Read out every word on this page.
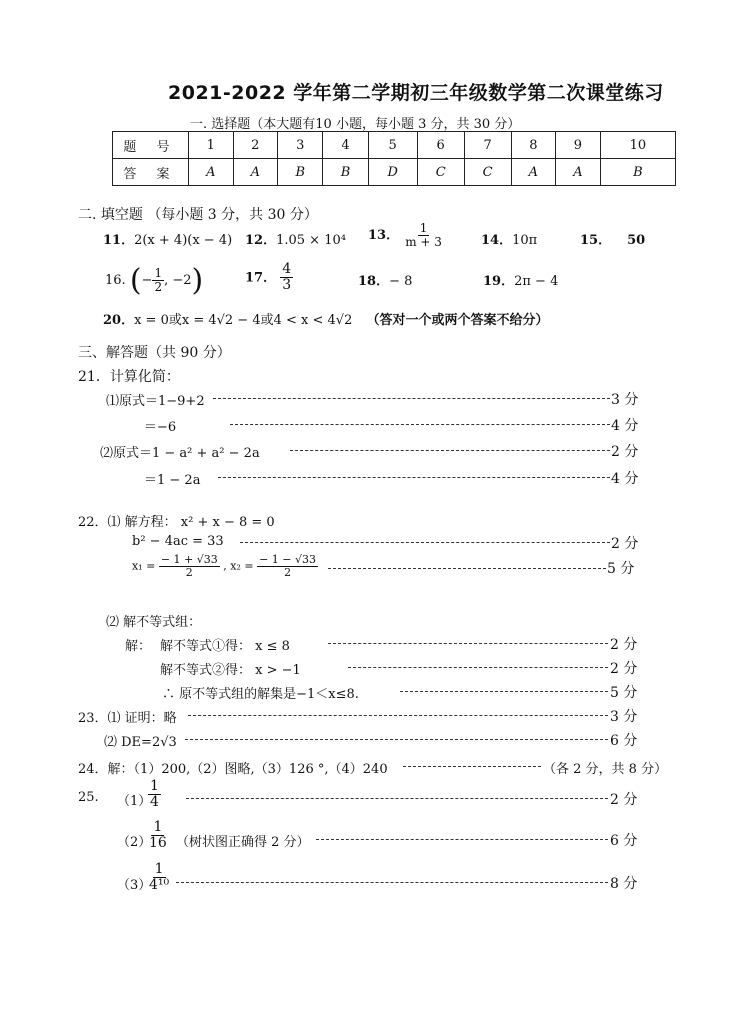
2021-2022 学年第二学期初三年级数学第二次课堂练习
一. 选择题（本大题有10 小题，每小题 3 分，共 30 分）
题 号	1	2	3	4	5	6	7	8	9	10
答 案	A	A	B	B	D	C	C	A	A	B
二. 填空题 （每小题 3 分，共 30 分）
11．2(x + 4)(x − 4) 12．1.05 × 10⁴ 13． $\frac{1}{m + 3}$	14．10π	15． 50
16. (− $\frac{1}{2}$ , −2)	17． $\frac{4}{3}$	18．− 8	19．2π − 4
20．x = 0或x = 4√2 − 4或4 < x < 4√2 （答对一个或两个答案不给分）
三、解答题（共 90 分）
21．计算化简：
⑴原式＝1−9+2	3 分
＝−6	4 分
⑵原式＝1 − a² + a² − 2a	2 分
＝1 − 2a	4 分
22．⑴ 解方程： x² + x − 8 = 0
b² − 4ac = 33	2 分
$x_1 = \frac{- 1 + √33}{2}$ , $x_2 = \frac{- 1 - √33}{2}$	5 分
⑵ 解不等式组：
解： 解不等式①得： x ≤ 8	2 分
解不等式②得： x > −1	2 分
∴ 原不等式组的解集是−1＜x≤8.	5 分
23．⑴ 证明：略	3 分
⑵ DE=2√3	6 分
24．解：（1）200,（2）图略,（3）126 °,（4）240	（各 2 分，共 8 分）
25. （1）
$\frac{1}{4}$	2 分
（2）
$\frac{1}{16}$ （树状图正确得 2 分）	6 分
（3）
$\frac{1}{\text{4¹⁰}}$	8 分
